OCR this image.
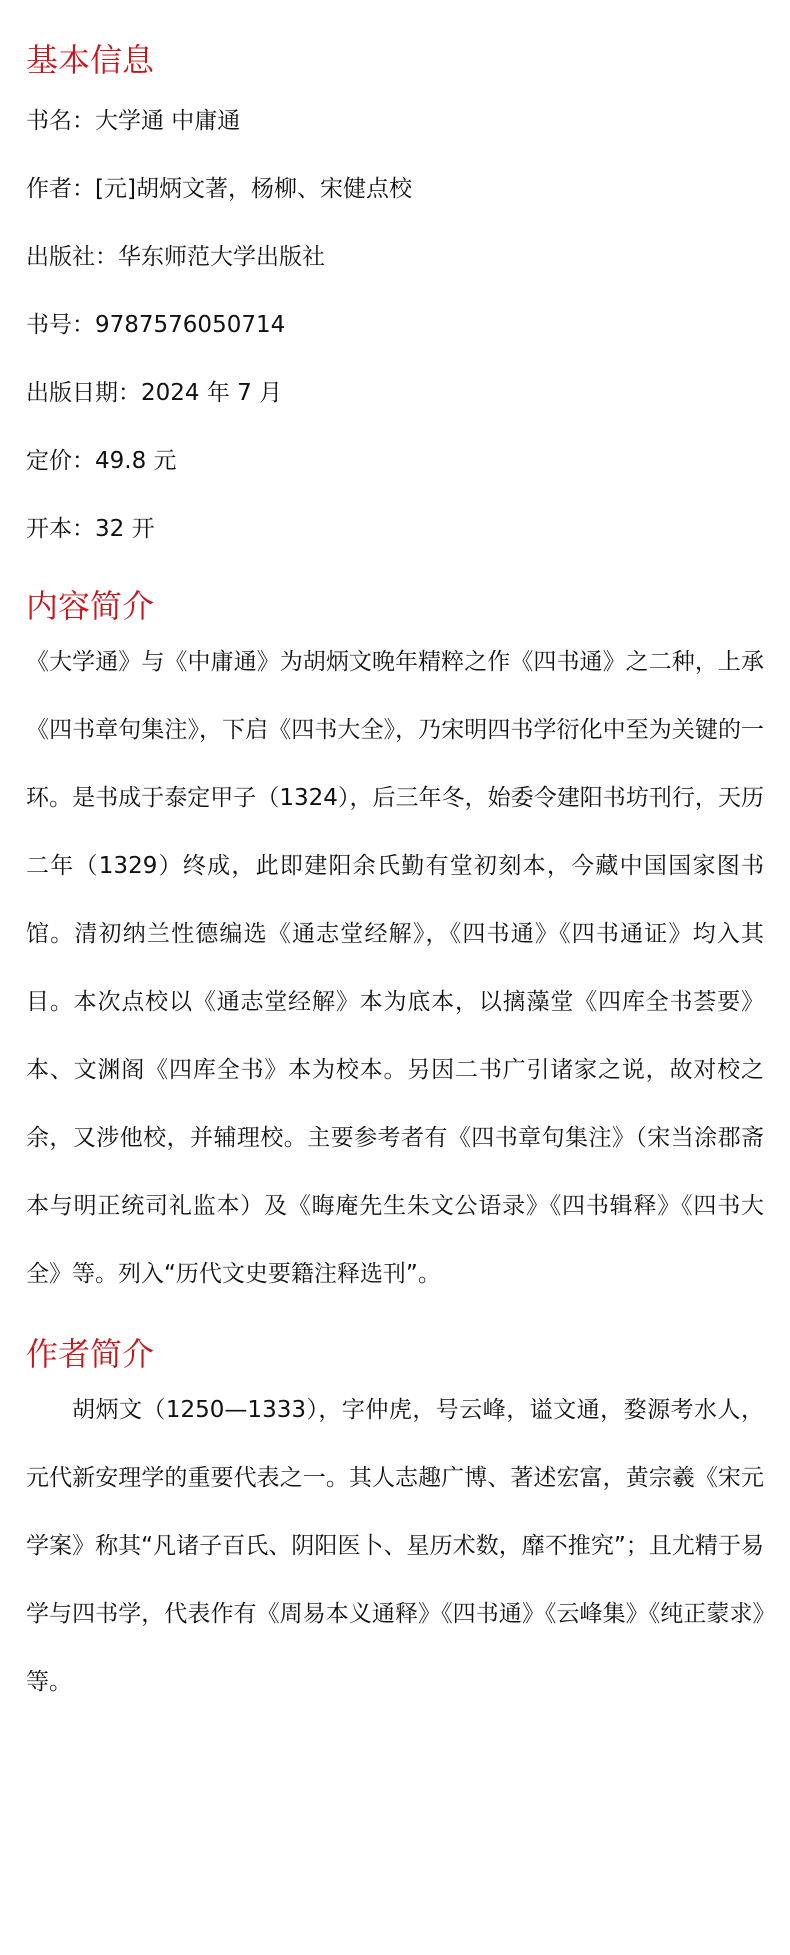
基本信息

书名：大学通 中庸通

作者：[元]胡炳文著，杨柳、宋健点校

出版社：华东师范大学出版社

书号：9787576050714

出版日期：2024 年 7 月

定价：49.8 元

开本：32 开

内容简介

《大学通》与《中庸通》为胡炳文晚年精粹之作《四书通》之二种，上承《四书章句集注》，下启《四书大全》，乃宋明四书学衍化中至为关键的一环。是书成于泰定甲子（1324），后三年冬，始委令建阳书坊刊行，天历二年（1329）终成，此即建阳余氏勤有堂初刻本，今藏中国国家图书馆。清初纳兰性德编选《通志堂经解》，《四书通》《四书通证》均入其目。本次点校以《通志堂经解》本为底本，以摛藻堂《四库全书荟要》本、文渊阁《四库全书》本为校本。另因二书广引诸家之说，故对校之余，又涉他校，并辅理校。主要参考者有《四书章句集注》（宋当涂郡斋本与明正统司礼监本）及《晦庵先生朱文公语录》《四书辑释》《四书大全》等。列入“历代文史要籍注释选刊”。

作者简介

胡炳文（1250—1333），字仲虎，号云峰，谥文通，婺源考水人，元代新安理学的重要代表之一。其人志趣广博、著述宏富，黄宗羲《宋元学案》称其“凡诸子百氏、阴阳医卜、星历术数，靡不推究”；且尤精于易学与四书学，代表作有《周易本义通释》《四书通》《云峰集》《纯正蒙求》等。
